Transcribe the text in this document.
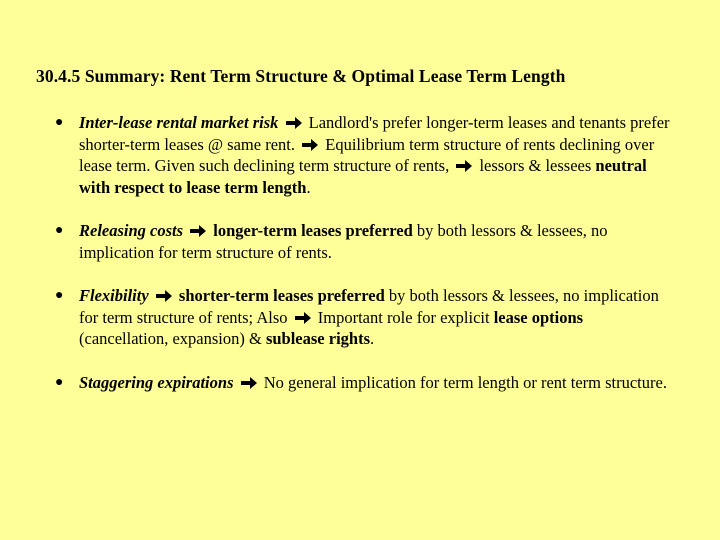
30.4.5 Summary: Rent Term Structure & Optimal Lease Term Length
● Inter-lease rental market risk Landlord's prefer longer-term leases and tenants prefer shorter-term leases @ same rent. Equilibrium term structure of rents declining over lease term. Given such declining term structure of rents, lessors & lessees neutral with respect to lease term length.
● Releasing costs longer-term leases preferred by both lessors & lessees, no implication for term structure of rents.
● Flexibility shorter-term leases preferred by both lessors & lessees, no implication for term structure of rents; Also Important role for explicit lease options (cancellation, expansion) & sublease rights.
● Staggering expirations No general implication for term length or rent term structure.
